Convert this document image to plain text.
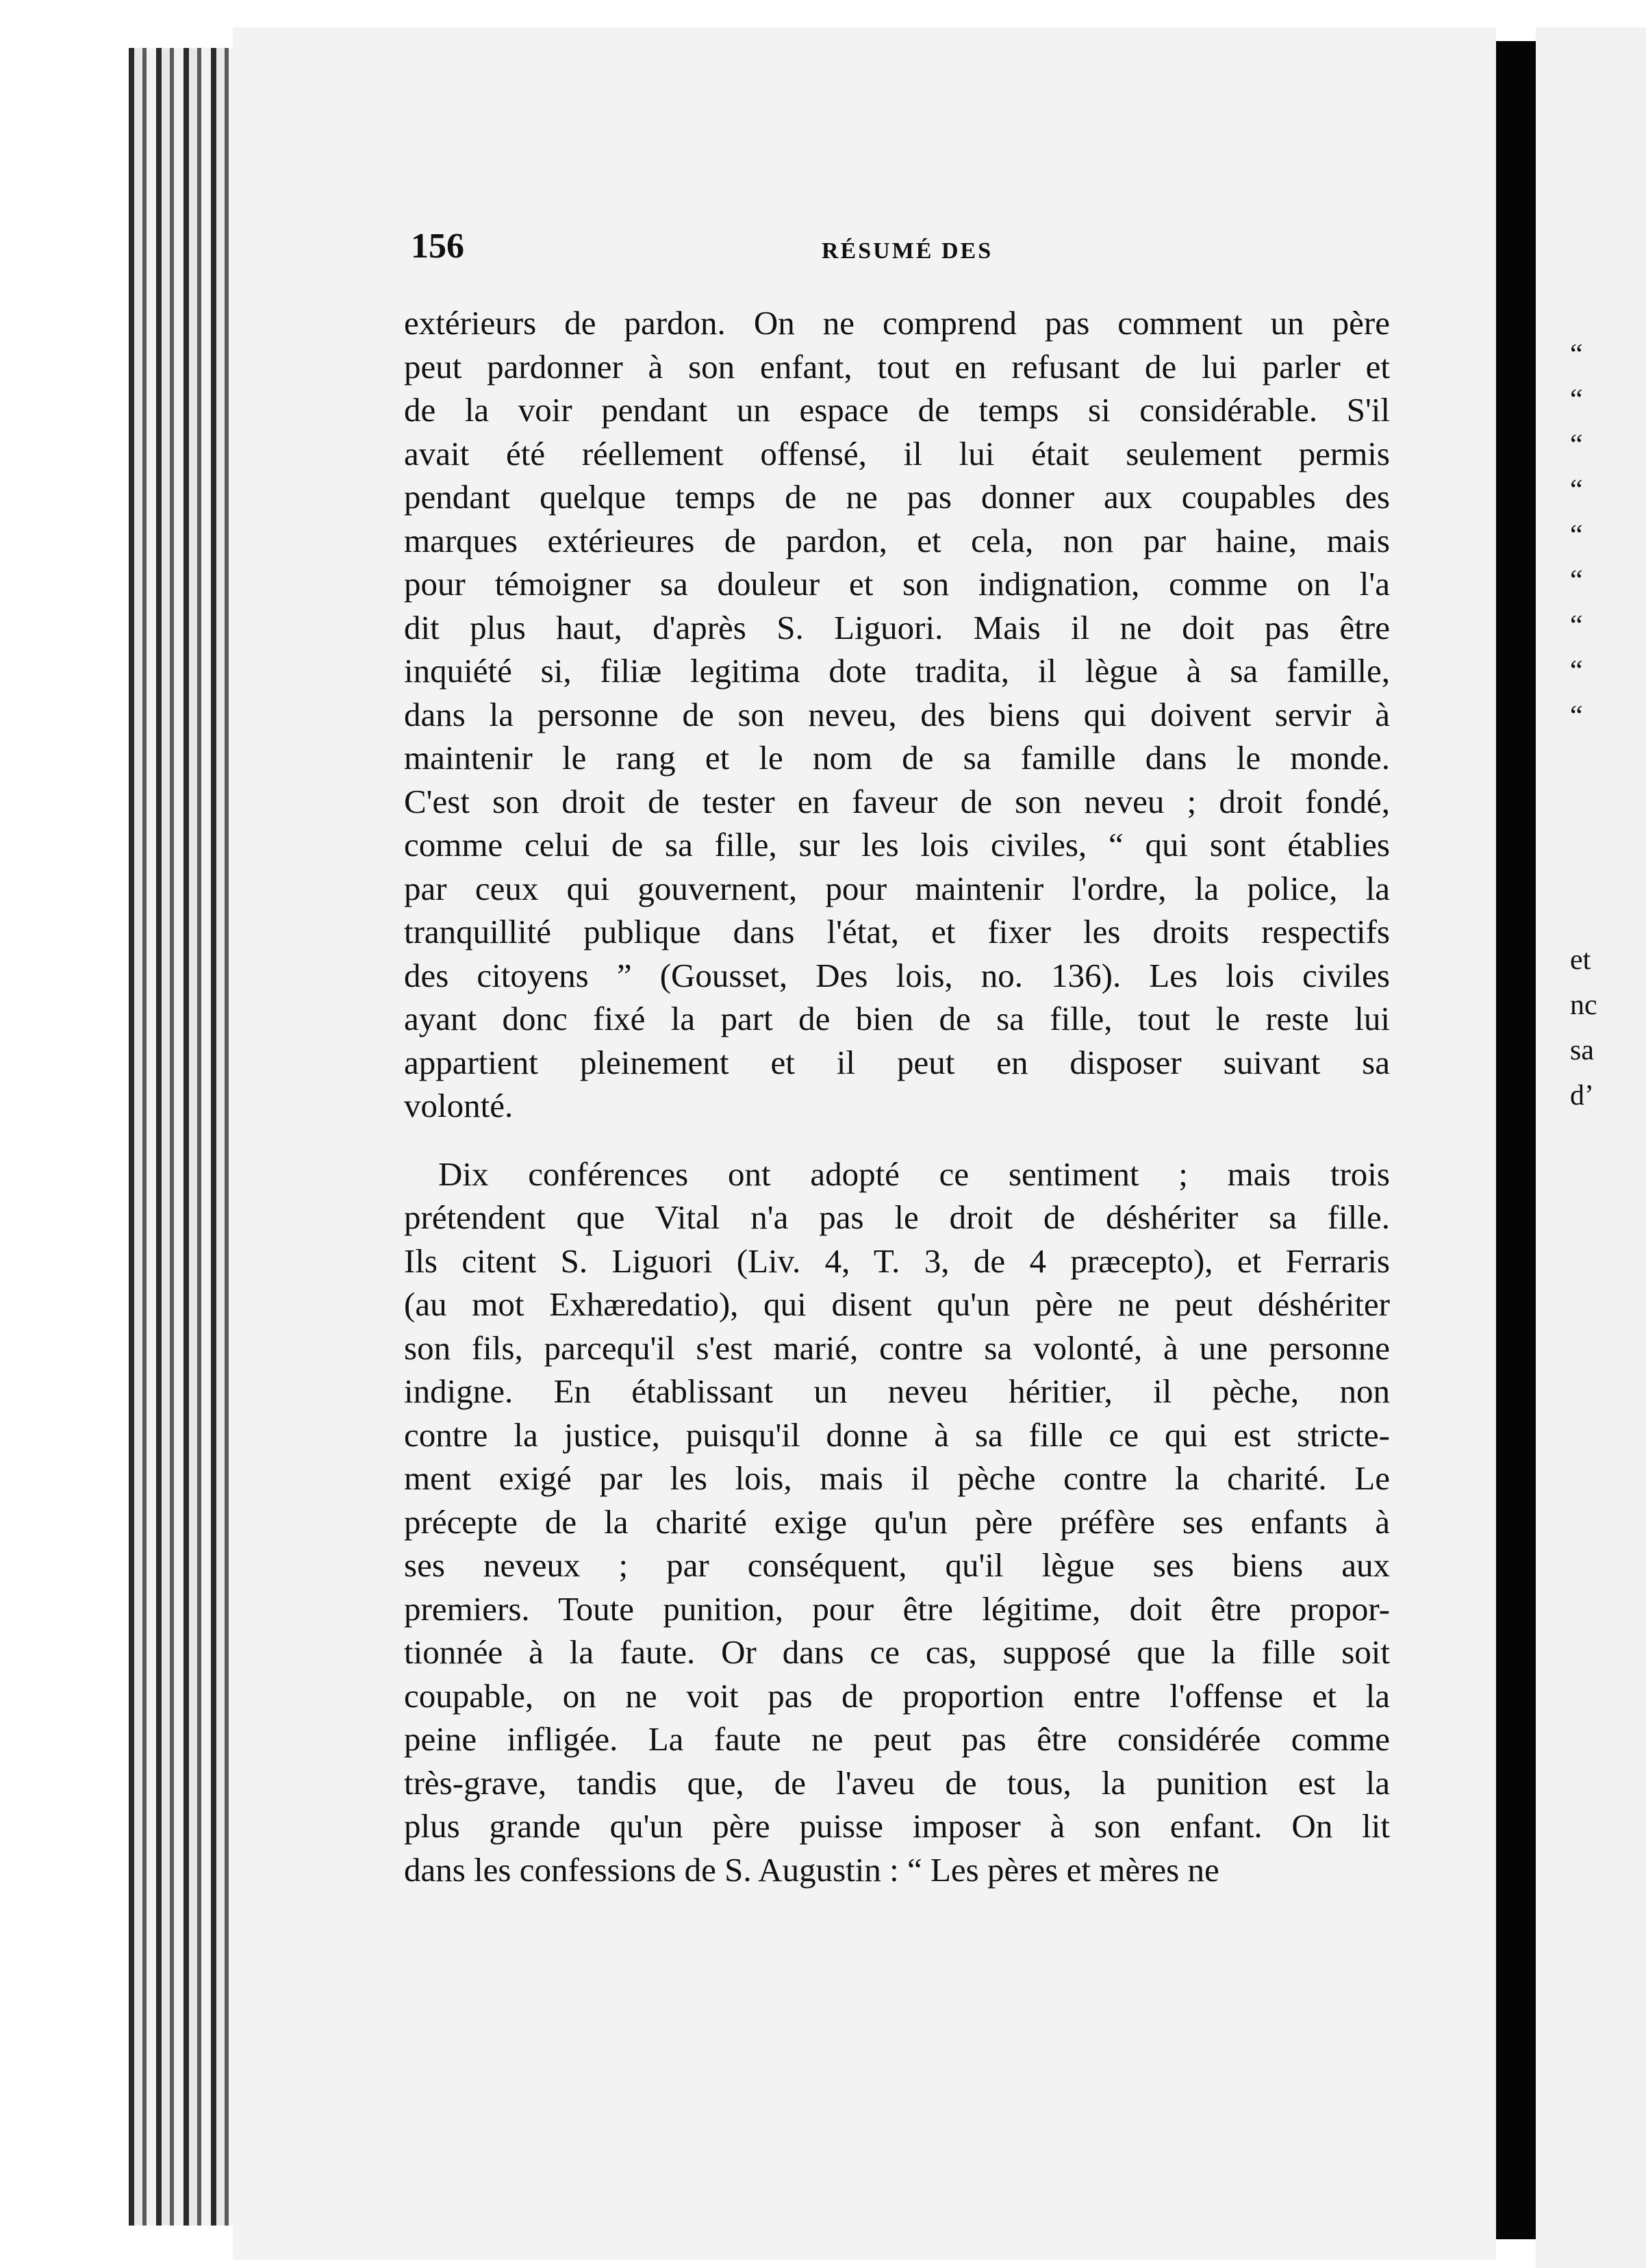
“
“
“
“
“
“
“
“
“
et
nc
sa
d’
156	RÉSUMÉ DES
extérieurs de pardon. On ne comprend pas comment un père
peut pardonner à son enfant, tout en refusant de lui parler et
de la voir pendant un espace de temps si considérable. S'il
avait été réellement offensé, il lui était seulement permis
pendant quelque temps de ne pas donner aux coupables des
marques extérieures de pardon, et cela, non par haine, mais
pour témoigner sa douleur et son indignation, comme on l'a
dit plus haut, d'après S. Liguori. Mais il ne doit pas être
inquiété si, filiæ legitima dote tradita, il lègue à sa famille,
dans la personne de son neveu, des biens qui doivent servir à
maintenir le rang et le nom de sa famille dans le monde.
C'est son droit de tester en faveur de son neveu ; droit fondé,
comme celui de sa fille, sur les lois civiles, “ qui sont établies
par ceux qui gouvernent, pour maintenir l'ordre, la police, la
tranquillité publique dans l'état, et fixer les droits respectifs
des citoyens ” (Gousset, Des lois, no. 136). Les lois civiles
ayant donc fixé la part de bien de sa fille, tout le reste lui
appartient pleinement et il peut en disposer suivant sa
volonté.
Dix conférences ont adopté ce sentiment ; mais trois
prétendent que Vital n'a pas le droit de déshériter sa fille.
Ils citent S. Liguori (Liv. 4, T. 3, de 4 præcepto), et Ferraris
(au mot Exhæredatio), qui disent qu'un père ne peut déshériter
son fils, parcequ'il s'est marié, contre sa volonté, à une personne
indigne. En établissant un neveu héritier, il pèche, non
contre la justice, puisqu'il donne à sa fille ce qui est stricte-
ment exigé par les lois, mais il pèche contre la charité. Le
précepte de la charité exige qu'un père préfère ses enfants à
ses neveux ; par conséquent, qu'il lègue ses biens aux
premiers. Toute punition, pour être légitime, doit être propor-
tionnée à la faute. Or dans ce cas, supposé que la fille soit
coupable, on ne voit pas de proportion entre l'offense et la
peine infligée. La faute ne peut pas être considérée comme
très-grave, tandis que, de l'aveu de tous, la punition est la
plus grande qu'un père puisse imposer à son enfant. On lit
dans les confessions de S. Augustin : “ Les pères et mères ne
